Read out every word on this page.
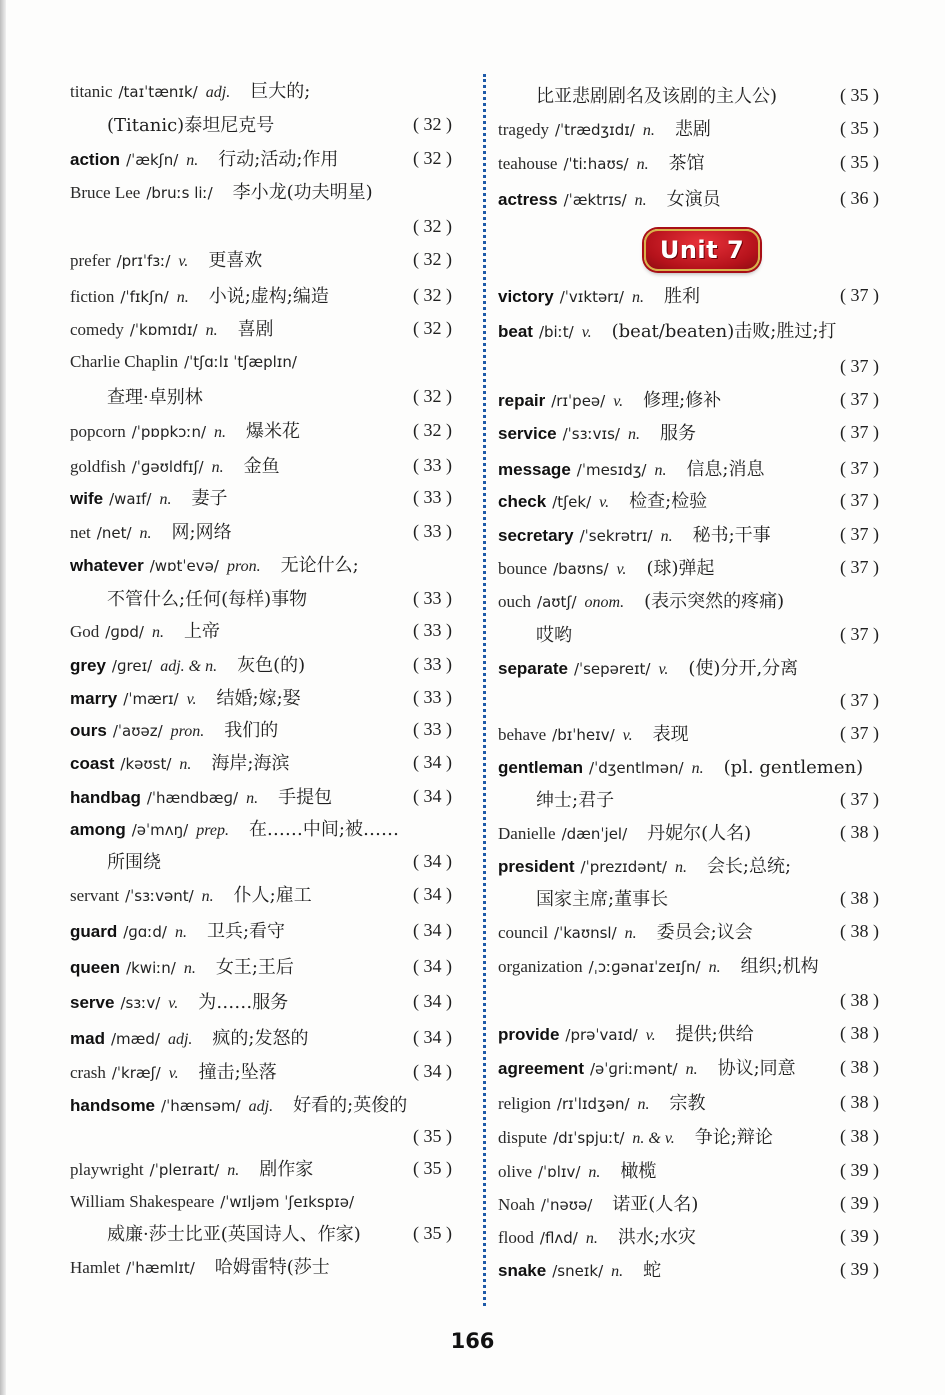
titanic /taɪˈtænɪk/ adj. 巨大的;
(Titanic)泰坦尼克号	( 32 )
action /ˈækʃn/ n. 行动;活动;作用	( 32 )
Bruce Lee /bruːs liː/ 李小龙(功夫明星)
( 32 )
prefer /prɪˈfɜː/ v. 更喜欢	( 32 )
fiction /ˈfɪkʃn/ n. 小说;虚构;编造	( 32 )
comedy /ˈkɒmɪdɪ/ n. 喜剧	( 32 )
Charlie Chaplin /ˈtʃɑːlɪ ˈtʃæplɪn/
查理·卓别林	( 32 )
popcorn /ˈpɒpkɔːn/ n. 爆米花	( 32 )
goldfish /ˈɡəʊldfɪʃ/ n. 金鱼	( 33 )
wife /waɪf/ n. 妻子	( 33 )
net /net/ n. 网;网络	( 33 )
whatever /wɒtˈevə/ pron. 无论什么;
不管什么;任何(每样)事物	( 33 )
God /ɡɒd/ n. 上帝	( 33 )
grey /ɡreɪ/ adj. & n. 灰色(的)	( 33 )
marry /ˈmærɪ/ v. 结婚;嫁;娶	( 33 )
ours /ˈaʊəz/ pron. 我们的	( 33 )
coast /kəʊst/ n. 海岸;海滨	( 34 )
handbag /ˈhændbæɡ/ n. 手提包	( 34 )
among /əˈmʌŋ/ prep. 在……中间;被……
所围绕	( 34 )
servant /ˈsɜːvənt/ n. 仆人;雇工	( 34 )
guard /ɡɑːd/ n. 卫兵;看守	( 34 )
queen /kwiːn/ n. 女王;王后	( 34 )
serve /sɜːv/ v. 为……服务	( 34 )
mad /mæd/ adj. 疯的;发怒的	( 34 )
crash /ˈkræʃ/ v. 撞击;坠落	( 34 )
handsome /ˈhænsəm/ adj. 好看的;英俊的
( 35 )
playwright /ˈpleɪraɪt/ n. 剧作家	( 35 )
William Shakespeare /ˈwɪljəm ˈʃeɪkspɪə/
威廉·莎士比亚(英国诗人、作家)	( 35 )
Hamlet /ˈhæmlɪt/ 哈姆雷特(莎士
Unit 7
比亚悲剧剧名及该剧的主人公)	( 35 )
tragedy /ˈtrædʒɪdɪ/ n. 悲剧	( 35 )
teahouse /ˈtiːhaʊs/ n. 茶馆	( 35 )
actress /ˈæktrɪs/ n. 女演员	( 36 )
victory /ˈvɪktərɪ/ n. 胜利	( 37 )
beat /biːt/ v. (beat/beaten)击败;胜过;打
( 37 )
repair /rɪˈpeə/ v. 修理;修补	( 37 )
service /ˈsɜːvɪs/ n. 服务	( 37 )
message /ˈmesɪdʒ/ n. 信息;消息	( 37 )
check /tʃek/ v. 检查;检验	( 37 )
secretary /ˈsekrətrɪ/ n. 秘书;干事	( 37 )
bounce /baʊns/ v. (球)弹起	( 37 )
ouch /aʊtʃ/ onom. (表示突然的疼痛)
哎哟	( 37 )
separate /ˈsepəreɪt/ v. (使)分开,分离
( 37 )
behave /bɪˈheɪv/ v. 表现	( 37 )
gentleman /ˈdʒentlmən/ n. (pl. gentlemen)
绅士;君子	( 37 )
Danielle /dænˈjel/ 丹妮尔(人名)	( 38 )
president /ˈprezɪdənt/ n. 会长;总统;
国家主席;董事长	( 38 )
council /ˈkaʊnsl/ n. 委员会;议会	( 38 )
organization /ˌɔːɡənaɪˈzeɪʃn/ n. 组织;机构
( 38 )
provide /prəˈvaɪd/ v. 提供;供给	( 38 )
agreement /əˈɡriːmənt/ n. 协议;同意 ( 38 )
religion /rɪˈlɪdʒən/ n. 宗教	( 38 )
dispute /dɪˈspjuːt/ n. & v. 争论;辩论	( 38 )
olive /ˈɒlɪv/ n. 橄榄	( 39 )
Noah /ˈnəʊə/ 诺亚(人名)	( 39 )
flood /flʌd/ n. 洪水;水灾	( 39 )
snake /sneɪk/ n. 蛇	( 39 )
166
